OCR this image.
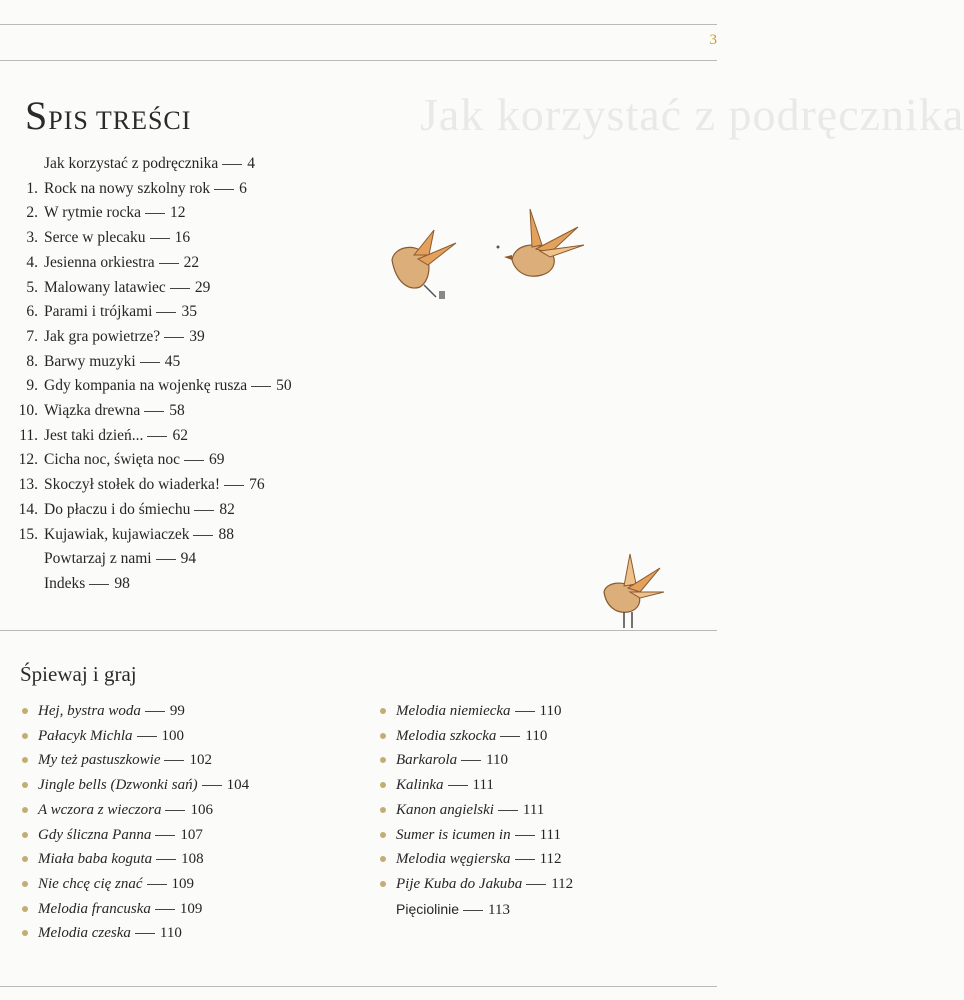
3
Jak korzystać z podręcznika
SPIS TREŚCI
Jak korzystać z podręcznika 4
1. Rock na nowy szkolny rok 6
2. W rytmie rocka 12
3. Serce w plecaku 16
4. Jesienna orkiestra 22
5. Malowany latawiec 29
6. Parami i trójkami 35
7. Jak gra powietrze? 39
8. Barwy muzyki 45
9. Gdy kompania na wojenkę rusza 50
10. Wiązka drewna 58
11. Jest taki dzień... 62
12. Cicha noc, święta noc 69
13. Skoczył stołek do wiaderka! 76
14. Do płaczu i do śmiechu 82
15. Kujawiak, kujawiaczek 88
Powtarzaj z nami 94
Indeks 98
Śpiewaj i graj
Hej, bystra woda 99
Pałacyk Michla 100
My też pastuszkowie 102
Jingle bells (Dzwonki sań) 104
A wczora z wieczora 106
Gdy śliczna Panna 107
Miała baba koguta 108
Nie chcę cię znać 109
Melodia francuska 109
Melodia czeska 110
Melodia niemiecka 110
Melodia szkocka 110
Barkarola 110
Kalinka 111
Kanon angielski 111
Sumer is icumen in 111
Melodia węgierska 112
Pije Kuba do Jakuba 112
Pięciolinie 113
